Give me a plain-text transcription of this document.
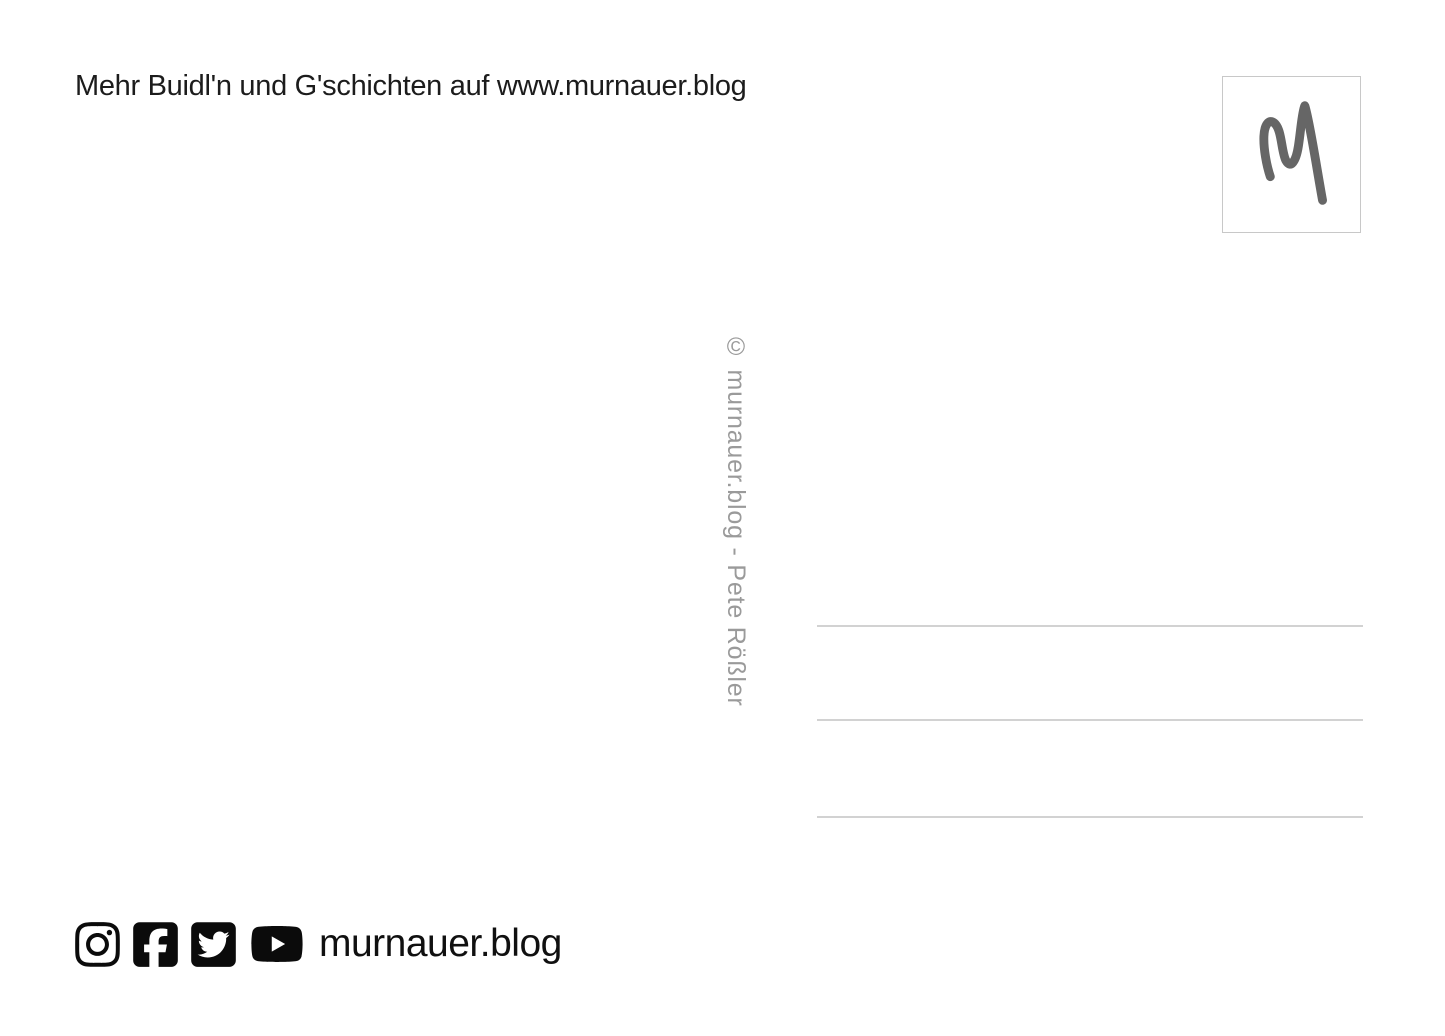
Mehr Buidl'n und G'schichten auf www.murnauer.blog
© murnauer.blog - Pete Rößler
murnauer.blog
